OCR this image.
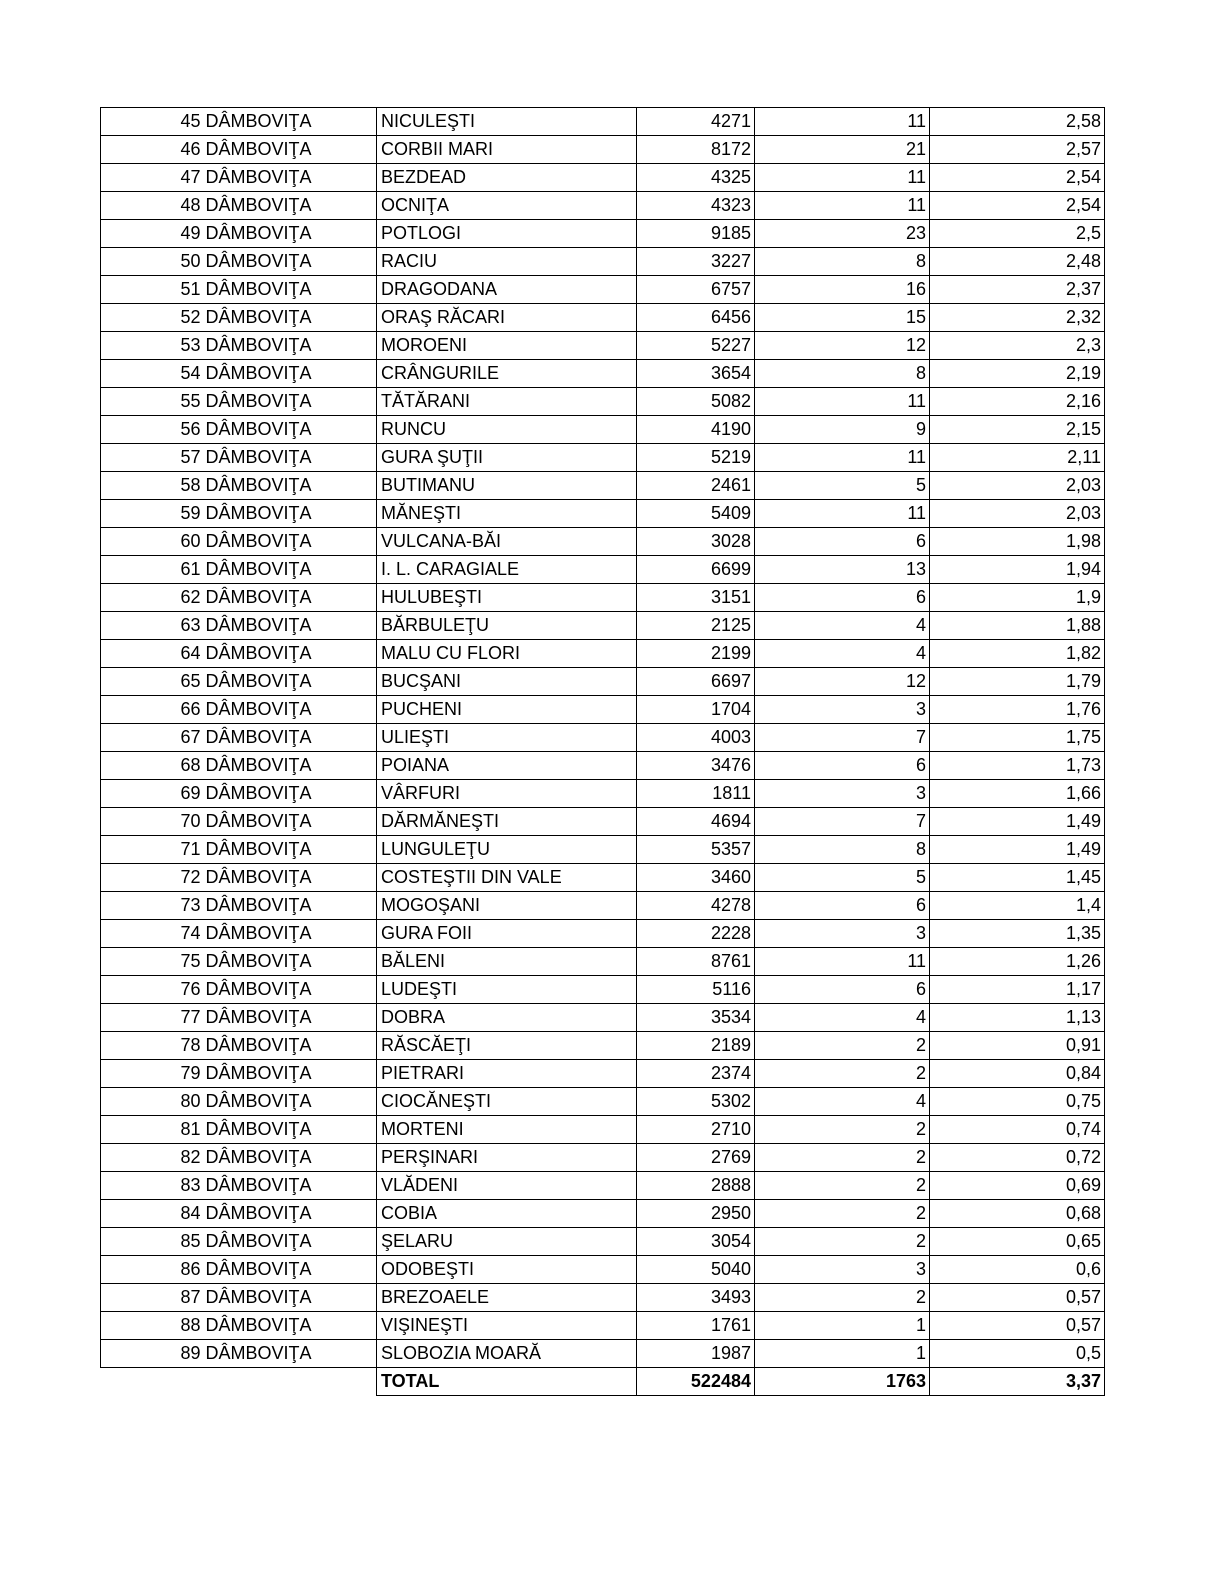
45	DÂMBOVIŢA	NICULEŞTI	4271	11	2,58
46	DÂMBOVIŢA	CORBII MARI	8172	21	2,57
47	DÂMBOVIŢA	BEZDEAD	4325	11	2,54
48	DÂMBOVIŢA	OCNIŢA	4323	11	2,54
49	DÂMBOVIŢA	POTLOGI	9185	23	2,5
50	DÂMBOVIŢA	RACIU	3227	8	2,48
51	DÂMBOVIŢA	DRAGODANA	6757	16	2,37
52	DÂMBOVIŢA	ORAŞ RĂCARI	6456	15	2,32
53	DÂMBOVIŢA	MOROENI	5227	12	2,3
54	DÂMBOVIŢA	CRÂNGURILE	3654	8	2,19
55	DÂMBOVIŢA	TĂTĂRANI	5082	11	2,16
56	DÂMBOVIŢA	RUNCU	4190	9	2,15
57	DÂMBOVIŢA	GURA ŞUŢII	5219	11	2,11
58	DÂMBOVIŢA	BUTIMANU	2461	5	2,03
59	DÂMBOVIŢA	MĂNEŞTI	5409	11	2,03
60	DÂMBOVIŢA	VULCANA-BĂI	3028	6	1,98
61	DÂMBOVIŢA	I. L. CARAGIALE	6699	13	1,94
62	DÂMBOVIŢA	HULUBEŞTI	3151	6	1,9
63	DÂMBOVIŢA	BĂRBULEŢU	2125	4	1,88
64	DÂMBOVIŢA	MALU CU FLORI	2199	4	1,82
65	DÂMBOVIŢA	BUCŞANI	6697	12	1,79
66	DÂMBOVIŢA	PUCHENI	1704	3	1,76
67	DÂMBOVIŢA	ULIEŞTI	4003	7	1,75
68	DÂMBOVIŢA	POIANA	3476	6	1,73
69	DÂMBOVIŢA	VÂRFURI	1811	3	1,66
70	DÂMBOVIŢA	DĂRMĂNEŞTI	4694	7	1,49
71	DÂMBOVIŢA	LUNGULEŢU	5357	8	1,49
72	DÂMBOVIŢA	COSTEŞTII DIN VALE	3460	5	1,45
73	DÂMBOVIŢA	MOGOŞANI	4278	6	1,4
74	DÂMBOVIŢA	GURA FOII	2228	3	1,35
75	DÂMBOVIŢA	BĂLENI	8761	11	1,26
76	DÂMBOVIŢA	LUDEŞTI	5116	6	1,17
77	DÂMBOVIŢA	DOBRA	3534	4	1,13
78	DÂMBOVIŢA	RĂSCĂEŢI	2189	2	0,91
79	DÂMBOVIŢA	PIETRARI	2374	2	0,84
80	DÂMBOVIŢA	CIOCĂNEŞTI	5302	4	0,75
81	DÂMBOVIŢA	MORTENI	2710	2	0,74
82	DÂMBOVIŢA	PERŞINARI	2769	2	0,72
83	DÂMBOVIŢA	VLĂDENI	2888	2	0,69
84	DÂMBOVIŢA	COBIA	2950	2	0,68
85	DÂMBOVIŢA	ŞELARU	3054	2	0,65
86	DÂMBOVIŢA	ODOBEŞTI	5040	3	0,6
87	DÂMBOVIŢA	BREZOAELE	3493	2	0,57
88	DÂMBOVIŢA	VIŞINEŞTI	1761	1	0,57
89	DÂMBOVIŢA	SLOBOZIA MOARĂ	1987	1	0,5
		TOTAL	522484	1763	3,37
